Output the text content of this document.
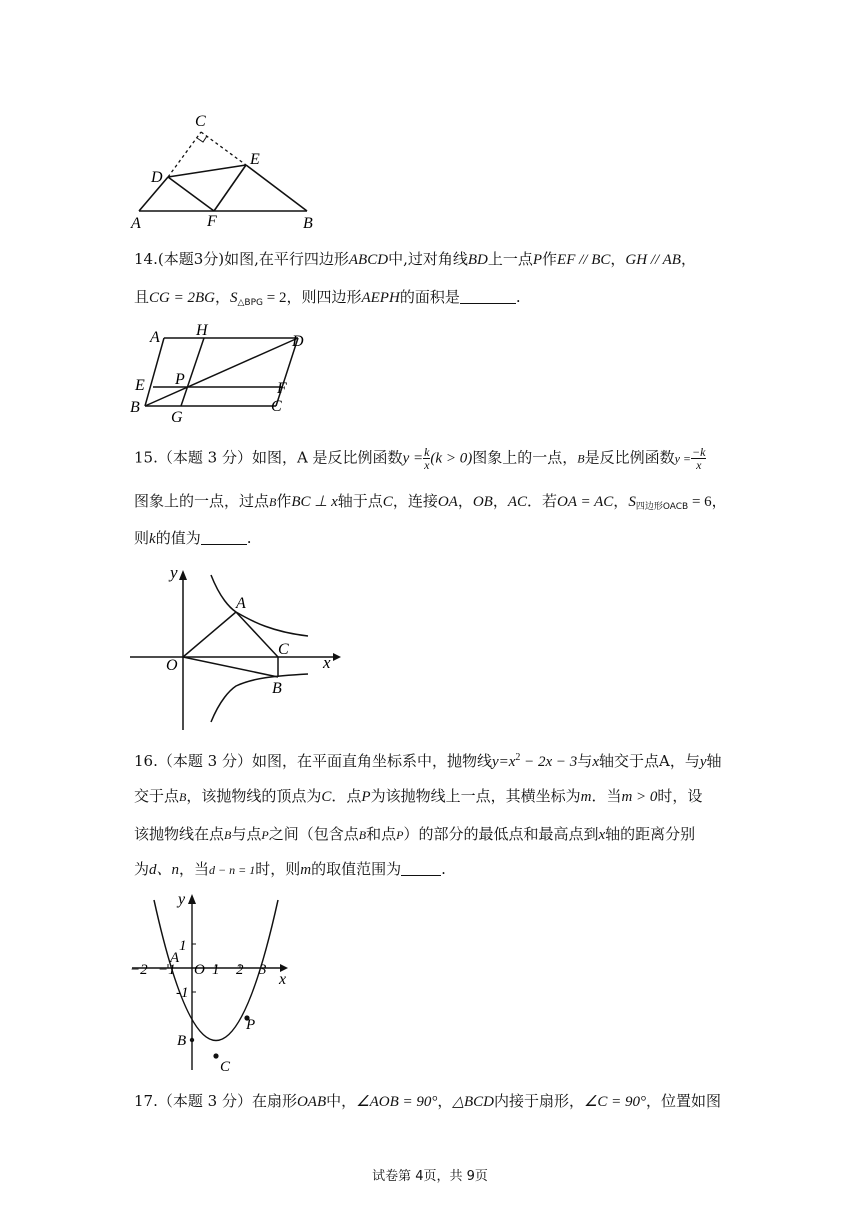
C
D
E
A	F	B
14.(本题3分)如图,在平行四边形ABCD中,过对角线BD上一点P作EF // BC，GH // AB，
且CG = 2BG，$S_{\triangle BPG} = 2$，则四边形AEPH的面积是	.
A H
D
E P
F
B
G
C
15.（本题 3 分）如图，A 是反比例函数$y = \frac{k}{x} (k > 0)$图象上的一点，B是反比例函数$y = \frac{-k}{x}$
图象上的一点，过点B作BC ⊥ x轴于点C，连接OA，OB，AC．若OA = AC，$S_{四边形OACB} = 6$，
则k的值为	.
y
x
O
A
C
B
16.（本题 3 分）如图，在平面直角坐标系中，抛物线$y=x^2 - 2x - 3$与x轴交于点A，与y轴
交于点B，该抛物线的顶点为C．点P为该抛物线上一点，其横坐标为m．当m > 0时，设
该抛物线在点B与点P之间（包含点B和点P）的部分的最低点和最高点到x轴的距离分别
为d、n，当d − n = 1时，则m的取值范围为	.
y
x
1
-1
−2 −1 O 1 2 3
A
B
C
P
17.（本题 3 分）在扇形OAB中，∠AOB = 90°，△BCD内接于扇形，∠C = 90°，位置如图
试卷第 4页，共 9页
